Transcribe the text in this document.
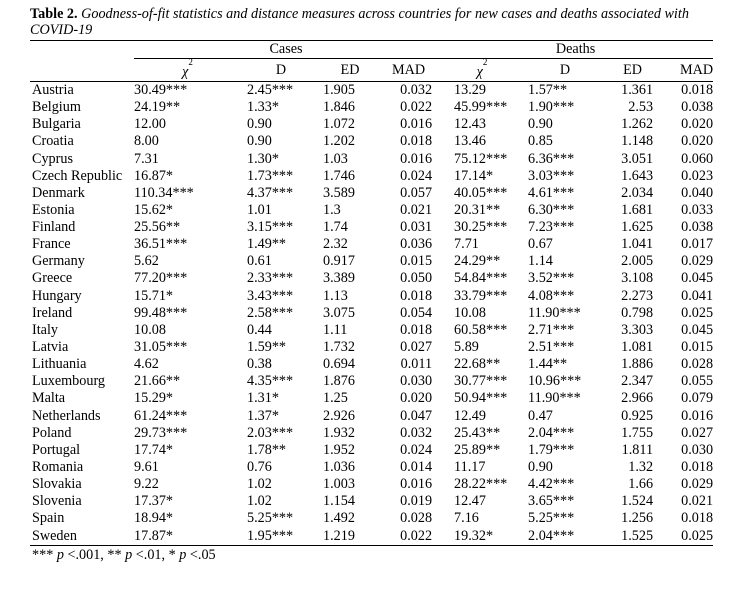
Table 2. Goodness-of-fit statistics and distance measures across countries for new cases and deaths associated with COVID-19
	Cases				Deaths			
	$\chi^2$	D	ED	MAD	$\chi^2$	D	ED	MAD
Austria	30.49***	2.45***	1.905	0.032	13.29	1.57**	1.361	0.018
Belgium	24.19**	1.33*	1.846	0.022	45.99***	1.90***	2.53	0.038
Bulgaria	12.00	0.90	1.072	0.016	12.43	0.90	1.262	0.020
Croatia	8.00	0.90	1.202	0.018	13.46	0.85	1.148	0.020
Cyprus	7.31	1.30*	1.03	0.016	75.12***	6.36***	3.051	0.060
Czech Republic	16.87*	1.73***	1.746	0.024	17.14*	3.03***	1.643	0.023
Denmark	110.34***	4.37***	3.589	0.057	40.05***	4.61***	2.034	0.040
Estonia	15.62*	1.01	1.3	0.021	20.31**	6.30***	1.681	0.033
Finland	25.56**	3.15***	1.74	0.031	30.25***	7.23***	1.625	0.038
France	36.51***	1.49**	2.32	0.036	7.71	0.67	1.041	0.017
Germany	5.62	0.61	0.917	0.015	24.29**	1.14	2.005	0.029
Greece	77.20***	2.33***	3.389	0.050	54.84***	3.52***	3.108	0.045
Hungary	15.71*	3.43***	1.13	0.018	33.79***	4.08***	2.273	0.041
Ireland	99.48***	2.58***	3.075	0.054	10.08	11.90***	0.798	0.025
Italy	10.08	0.44	1.11	0.018	60.58***	2.71***	3.303	0.045
Latvia	31.05***	1.59**	1.732	0.027	5.89	2.51***	1.081	0.015
Lithuania	4.62	0.38	0.694	0.011	22.68**	1.44**	1.886	0.028
Luxembourg	21.66**	4.35***	1.876	0.030	30.77***	10.96***	2.347	0.055
Malta	15.29*	1.31*	1.25	0.020	50.94***	11.90***	2.966	0.079
Netherlands	61.24***	1.37*	2.926	0.047	12.49	0.47	0.925	0.016
Poland	29.73***	2.03***	1.932	0.032	25.43**	2.04***	1.755	0.027
Portugal	17.74*	1.78**	1.952	0.024	25.89**	1.79***	1.811	0.030
Romania	9.61	0.76	1.036	0.014	11.17	0.90	1.32	0.018
Slovakia	9.22	1.02	1.003	0.016	28.22***	4.42***	1.66	0.029
Slovenia	17.37*	1.02	1.154	0.019	12.47	3.65***	1.524	0.021
Spain	18.94*	5.25***	1.492	0.028	7.16	5.25***	1.256	0.018
Sweden	17.87*	1.95***	1.219	0.022	19.32*	2.04***	1.525	0.025
*** p <.001, ** p <.01, * p <.05
